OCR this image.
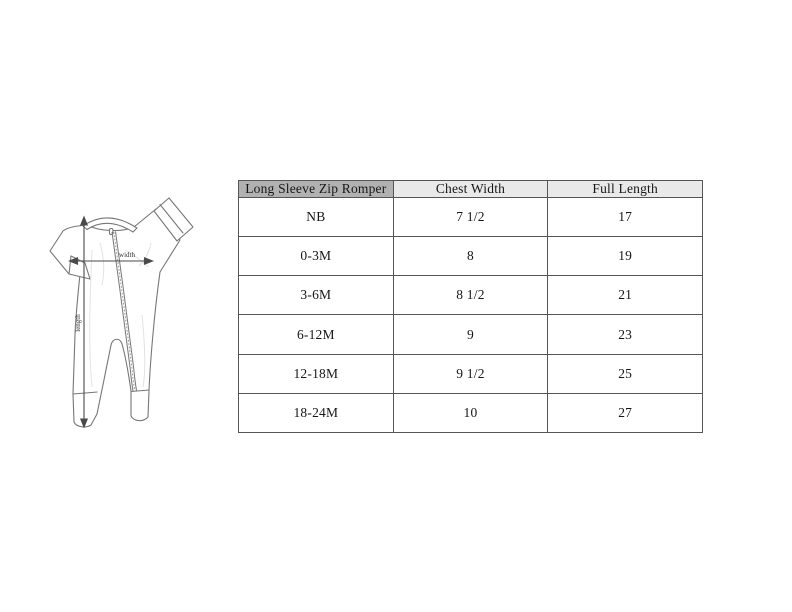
width
length
Long Sleeve Zip Romper	Chest Width	Full Length
NB	7 1/2	17
0-3M	8	19
3-6M	8 1/2	21
6-12M	9	23
12-18M	9 1/2	25
18-24M	10	27
